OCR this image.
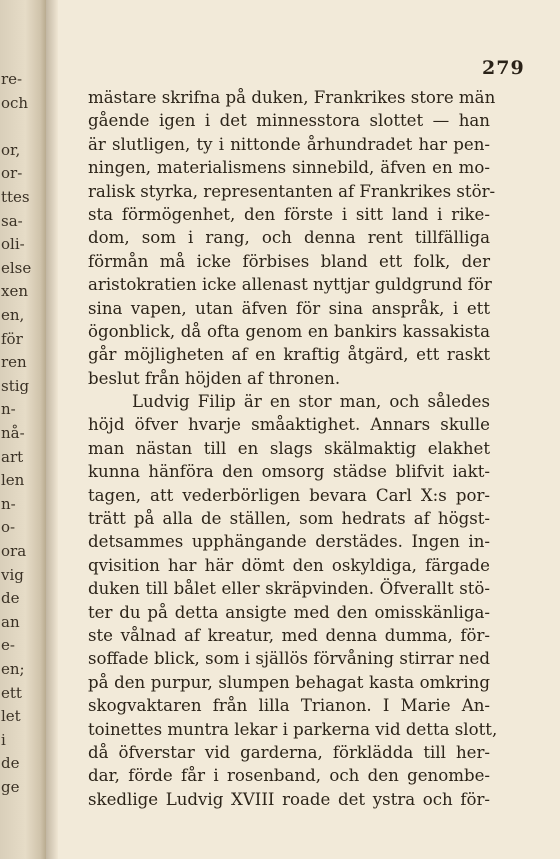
re-
och
or,
or-
ttes
sa-
oli-
else
xen
en,
för
ren
stig
n-
nå-
art
len
n-
o-
ora
vig
de
an
e-
en;
ett
let
i
de
ge
279
mästare skrifna på duken, Frankrikes store män
gående igen i det minnesstora slottet — han
är slutligen, ty i nittonde århundradet har pen-
ningen, materialismens sinnebild, äfven en mo-
ralisk styrka, representanten af Frankrikes stör-
sta förmögenhet, den förste i sitt land i rike-
dom, som i rang, och denna rent tillfälliga
förmån må icke förbises bland ett folk, der
aristokratien icke allenast nyttjar guldgrund för
sina vapen, utan äfven för sina anspråk, i ett
ögonblick, då ofta genom en bankirs kassakista
går möjligheten af en kraftig åtgärd, ett raskt
beslut från höjden af thronen.
Ludvig Filip är en stor man, och således
höjd öfver hvarje småaktighet. Annars skulle
man nästan till en slags skälmaktig elakhet
kunna hänföra den omsorg städse blifvit iakt-
tagen, att vederbörligen bevara Carl X:s por-
trätt på alla de ställen, som hedrats af högst-
detsammes upphängande derstädes. Ingen in-
qvisition har här dömt den oskyldiga, färgade
duken till bålet eller skräpvinden. Öfverallt stö-
ter du på detta ansigte med den omisskänliga-
ste vålnad af kreatur, med denna dumma, för-
soffade blick, som i själlös förvåning stirrar ned
på den purpur, slumpen behagat kasta omkring
skogvaktaren från lilla Trianon. I Marie An-
toinettes muntra lekar i parkerna vid detta slott,
då öfverstar vid garderna, förklädda till her-
dar, förde får i rosenband, och den genombe-
skedlige Ludvig XVIII roade det ystra och för-
